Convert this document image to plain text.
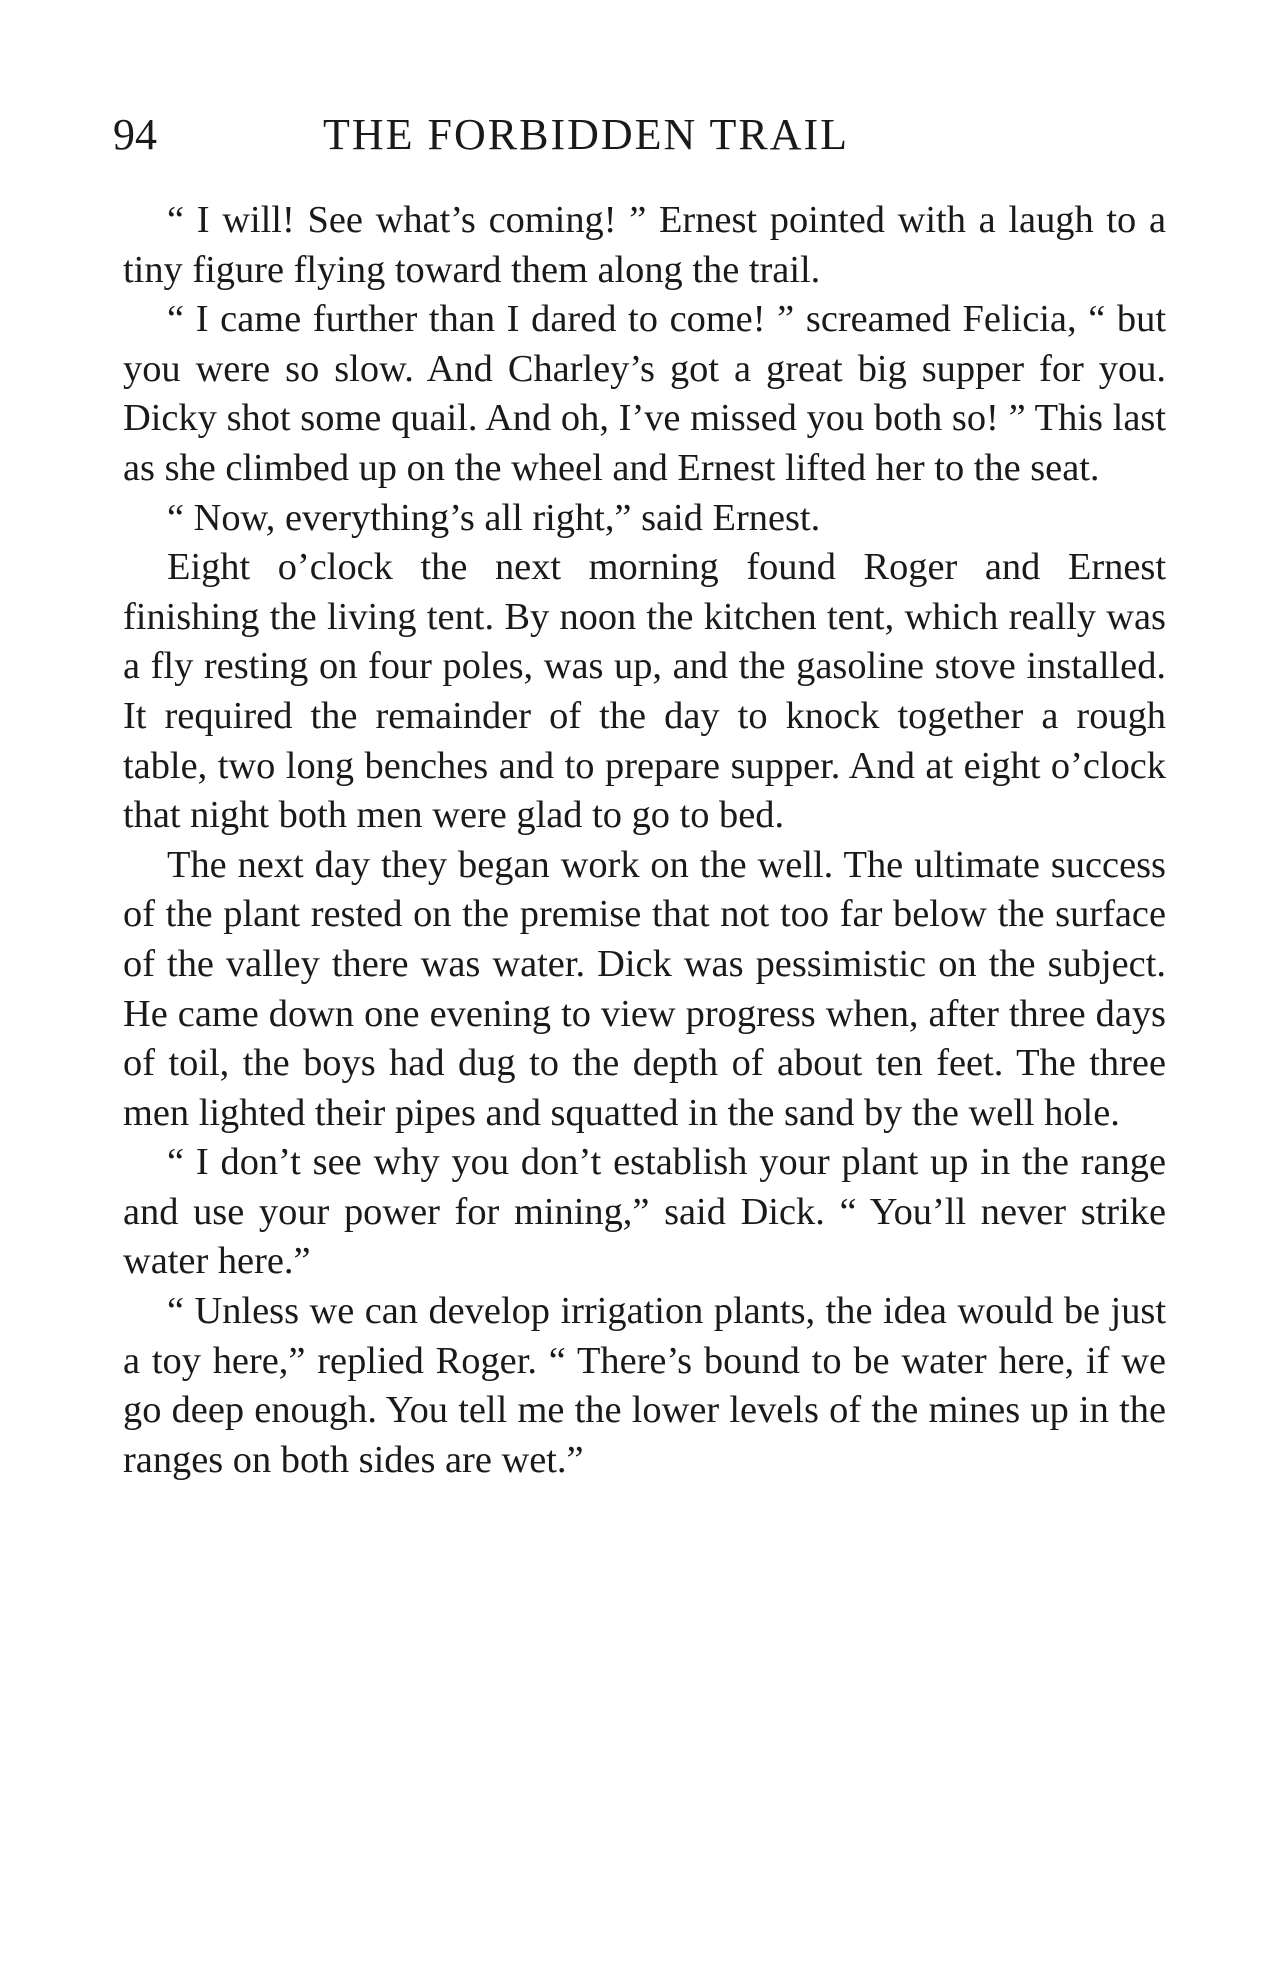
94	THE FORBIDDEN TRAIL

“ I will! See what’s coming! ” Ernest pointed with a laugh to a tiny figure flying toward them along the trail.

“ I came further than I dared to come! ” screamed Felicia, “ but you were so slow. And Charley’s got a great big supper for you. Dicky shot some quail. And oh, I’ve missed you both so! ” This last as she climbed up on the wheel and Ernest lifted her to the seat.

“ Now, everything’s all right,” said Ernest.

Eight o’clock the next morning found Roger and Ernest finishing the living tent. By noon the kitchen tent, which really was a fly resting on four poles, was up, and the gasoline stove installed. It required the remainder of the day to knock together a rough table, two long benches and to prepare supper. And at eight o’clock that night both men were glad to go to bed.

The next day they began work on the well. The ultimate success of the plant rested on the premise that not too far below the surface of the valley there was water. Dick was pessimistic on the subject. He came down one evening to view progress when, after three days of toil, the boys had dug to the depth of about ten feet. The three men lighted their pipes and squatted in the sand by the well hole.

“ I don’t see why you don’t establish your plant up in the range and use your power for mining,” said Dick. “ You’ll never strike water here.”

“ Unless we can develop irrigation plants, the idea would be just a toy here,” replied Roger. “ There’s bound to be water here, if we go deep enough. You tell me the lower levels of the mines up in the ranges on both sides are wet.”
